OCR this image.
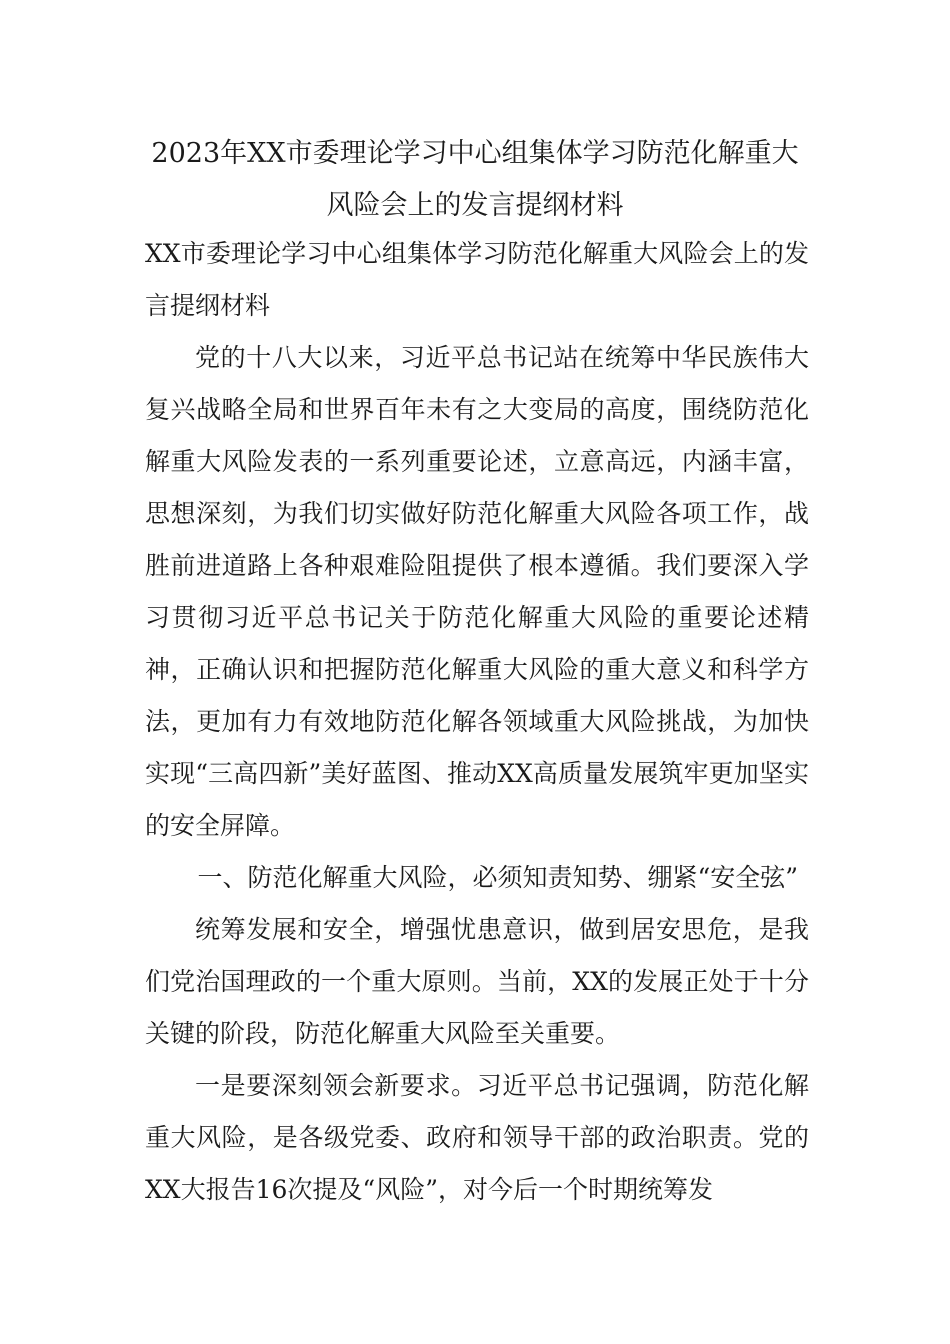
2023年XX市委理论学习中心组集体学习防范化解重大风险会上的发言提纲材料

XX市委理论学习中心组集体学习防范化解重大风险会上的发言提纲材料

党的十八大以来，习近平总书记站在统筹中华民族伟大复兴战略全局和世界百年未有之大变局的高度，围绕防范化解重大风险发表的一系列重要论述，立意高远，内涵丰富，思想深刻，为我们切实做好防范化解重大风险各项工作，战胜前进道路上各种艰难险阻提供了根本遵循。我们要深入学习贯彻习近平总书记关于防范化解重大风险的重要论述精神，正确认识和把握防范化解重大风险的重大意义和科学方法，更加有力有效地防范化解各领域重大风险挑战，为加快实现“三高四新”美好蓝图、推动XX高质量发展筑牢更加坚实的安全屏障。

一、防范化解重大风险，必须知责知势、绷紧“安全弦”

统筹发展和安全，增强忧患意识，做到居安思危，是我们党治国理政的一个重大原则。当前，XX的发展正处于十分关键的阶段，防范化解重大风险至关重要。

一是要深刻领会新要求。习近平总书记强调，防范化解重大风险，是各级党委、政府和领导干部的政治职责。党的XX大报告16次提及“风险”，对今后一个时期统筹发
